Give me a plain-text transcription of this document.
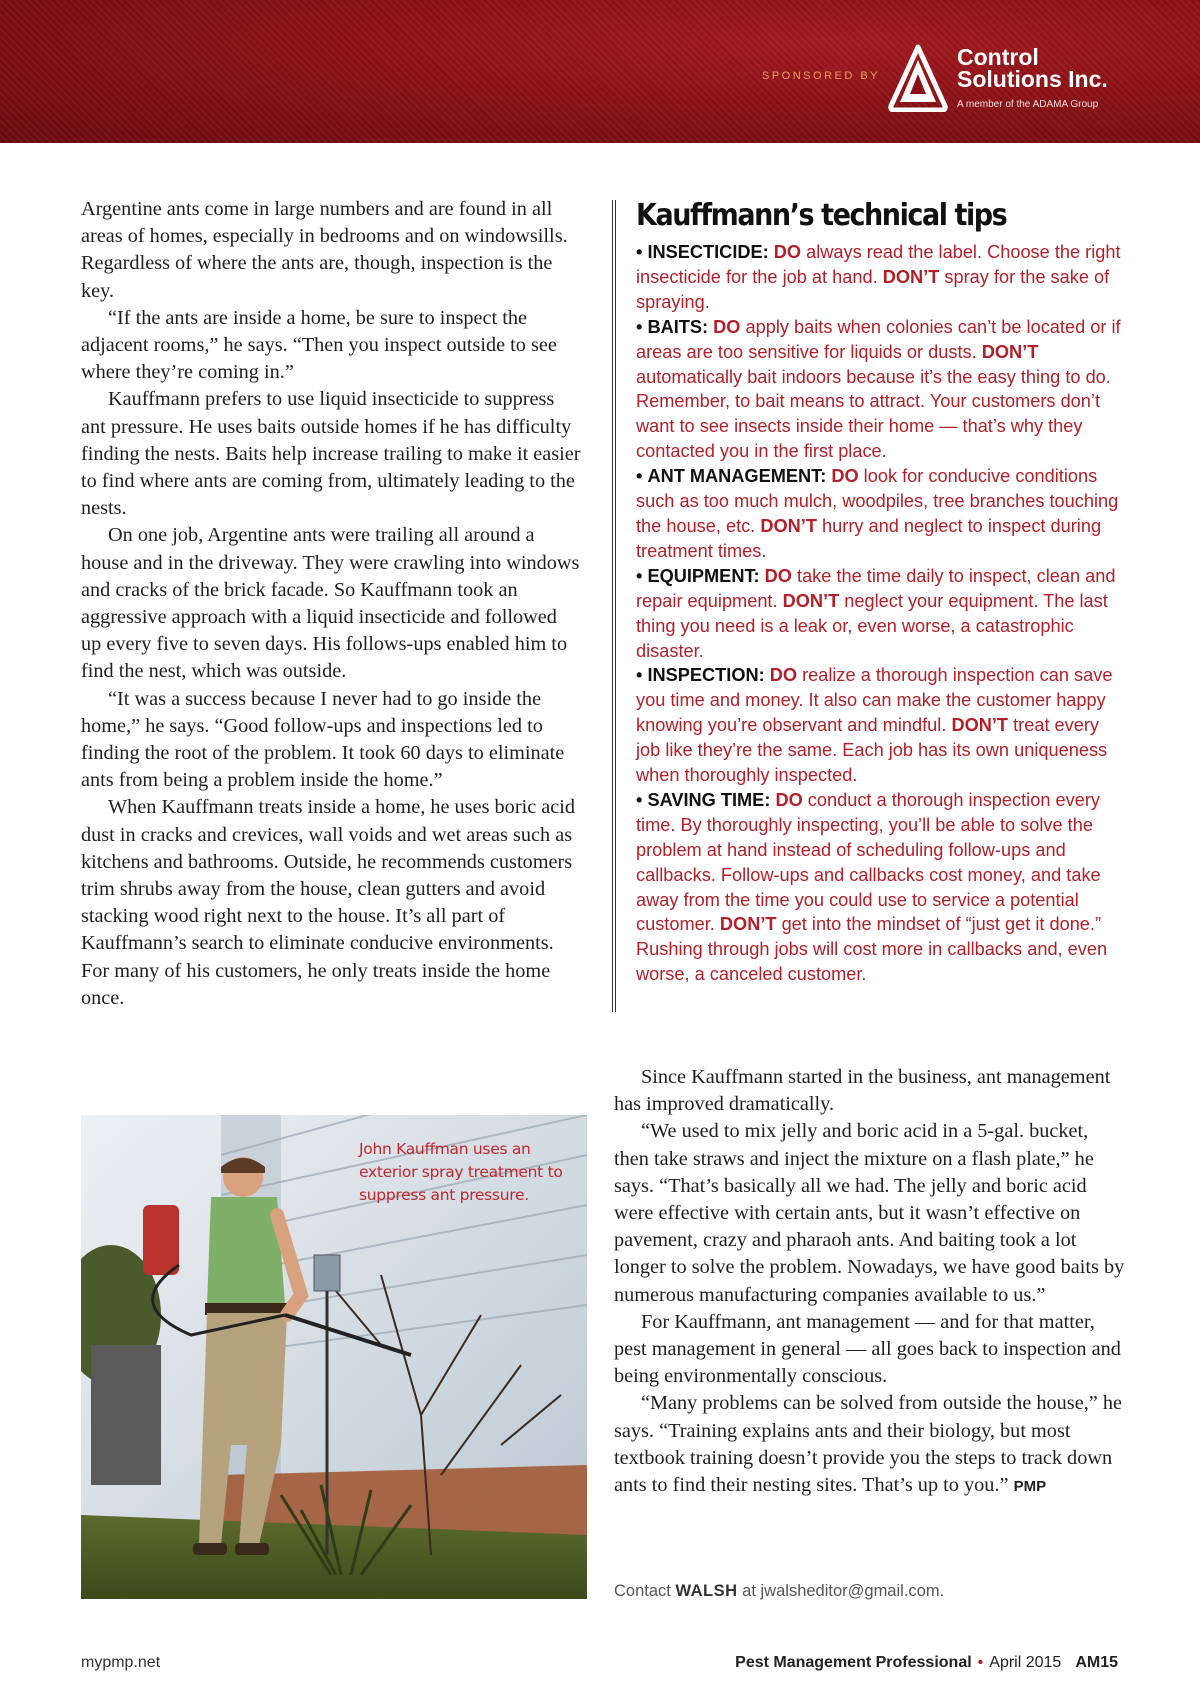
SPONSORED BY
Control
Solutions Inc.
A member of the ADAMA Group

Argentine ants come in large numbers and are found in all areas of homes, especially in bedrooms and on windowsills. Regardless of where the ants are, though, inspection is the key.

“If the ants are inside a home, be sure to inspect the adjacent rooms,” he says. “Then you inspect outside to see where they’re coming in.”

Kauffmann prefers to use liquid insecticide to suppress ant pressure. He uses baits outside homes if he has difficulty finding the nests. Baits help increase trailing to make it easier to find where ants are coming from, ultimately leading to the nests.

On one job, Argentine ants were trailing all around a house and in the driveway. They were crawling into windows and cracks of the brick facade. So Kauffmann took an aggressive approach with a liquid insecticide and followed up every five to seven days. His follows-ups enabled him to find the nest, which was outside.

“It was a success because I never had to go inside the home,” he says. “Good follow-ups and inspections led to finding the root of the problem. It took 60 days to eliminate ants from being a problem inside the home.”

When Kauffmann treats inside a home, he uses boric acid dust in cracks and crevices, wall voids and wet areas such as kitchens and bathrooms. Outside, he recommends customers trim shrubs away from the house, clean gutters and avoid stacking wood right next to the house. It’s all part of Kauffmann’s search to eliminate conducive environments. For many of his customers, he only treats inside the home once.

Kauffmann’s technical tips
• INSECTICIDE: DO always read the label. Choose the right insecticide for the job at hand. DON’T spray for the sake of spraying.
• BAITS: DO apply baits when colonies can’t be located or if areas are too sensitive for liquids or dusts. DON’T automatically bait indoors because it’s the easy thing to do. Remember, to bait means to attract. Your customers don’t want to see insects inside their home — that’s why they contacted you in the first place.
• ANT MANAGEMENT: DO look for conducive conditions such as too much mulch, woodpiles, tree branches touching the house, etc. DON’T hurry and neglect to inspect during treatment times.
• EQUIPMENT: DO take the time daily to inspect, clean and repair equipment. DON’T neglect your equipment. The last thing you need is a leak or, even worse, a catastrophic disaster.
• INSPECTION: DO realize a thorough inspection can save you time and money. It also can make the customer happy knowing you’re observant and mindful. DON’T treat every job like they’re the same. Each job has its own uniqueness when thoroughly inspected.
• SAVING TIME: DO conduct a thorough inspection every time. By thoroughly inspecting, you’ll be able to solve the problem at hand instead of scheduling follow-ups and callbacks. Follow-ups and callbacks cost money, and take away from the time you could use to service a potential customer. DON’T get into the mindset of “just get it done.” Rushing through jobs will cost more in callbacks and, even worse, a canceled customer.
John Kauffman uses an exterior spray treatment to suppress ant pressure.

Since Kauffmann started in the business, ant management has improved dramatically.

“We used to mix jelly and boric acid in a 5-gal. bucket, then take straws and inject the mixture on a flash plate,” he says. “That’s basically all we had. The jelly and boric acid were effective with certain ants, but it wasn’t effective on pavement, crazy and pharaoh ants. And baiting took a lot longer to solve the problem. Nowadays, we have good baits by numerous manufacturing companies available to us.”

For Kauffmann, ant management — and for that matter, pest management in general — all goes back to inspection and being environmentally conscious.

“Many problems can be solved from outside the house,” he says. “Training explains ants and their biology, but most textbook training doesn’t provide you the steps to track down ants to find their nesting sites. That’s up to you.” PMP

Contact WALSH at jwalsheditor@gmail.com.
mypmp.net	Pest Management Professional • April 2015 AM15
